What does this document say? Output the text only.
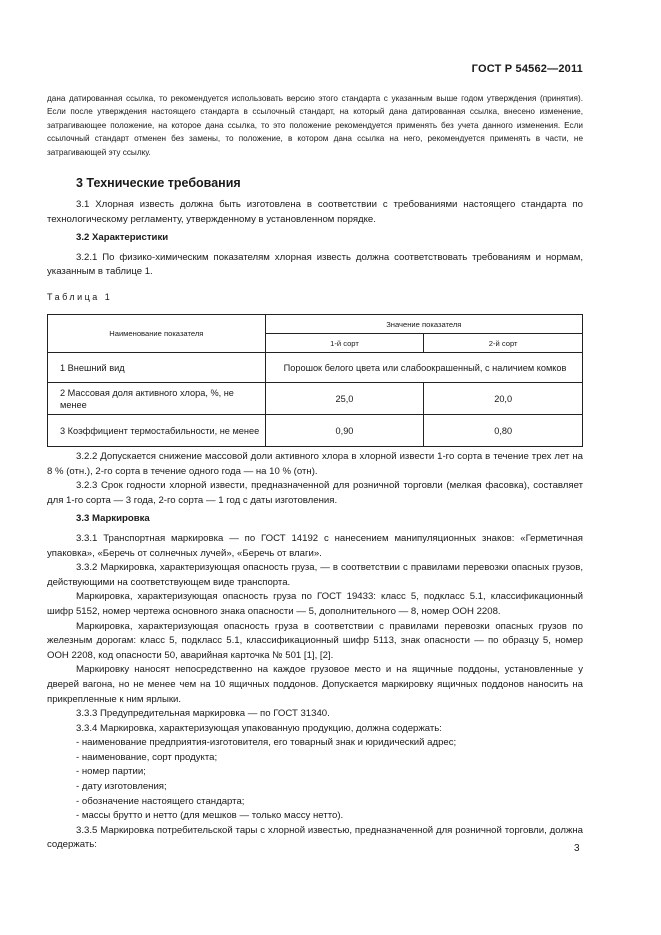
ГОСТ Р 54562—2011

дана датированная ссылка, то рекомендуется использовать версию этого стандарта с указанным выше годом утверждения (принятия). Если после утверждения настоящего стандарта в ссылочный стандарт, на который дана датированная ссылка, внесено изменение, затрагивающее положение, на которое дана ссылка, то это положение рекомендуется применять без учета данного изменения. Если ссылочный стандарт отменен без замены, то положение, в котором дана ссылка на него, рекомендуется применять в части, не затрагивающей эту ссылку.

3 Технические требования

3.1 Хлорная известь должна быть изготовлена в соответствии с требованиями настоящего стандарта по технологическому регламенту, утвержденному в установленном порядке.

3.2 Характеристики

3.2.1 По физико-химическим показателям хлорная известь должна соответствовать требованиям и нормам, указанным в таблице 1.

Таблица 1
Наименование показателя	Значение показателя	
	1-й сорт	2-й сорт
1 Внешний вид	Порошок белого цвета или слабоокрашенный, с наличием комков	
2 Массовая доля активного хлора, %, не менее	25,0	20,0
3 Коэффициент термостабильности, не менее	0,90	0,80

3.2.2 Допускается снижение массовой доли активного хлора в хлорной извести 1-го сорта в течение трех лет на 8 % (отн.), 2-го сорта в течение одного года — на 10 % (отн).

3.2.3 Срок годности хлорной извести, предназначенной для розничной торговли (мелкая фасовка), составляет для 1-го сорта — 3 года, 2-го сорта — 1 год с даты изготовления.

3.3 Маркировка

3.3.1 Транспортная маркировка — по ГОСТ 14192 с нанесением манипуляционных знаков: «Герметичная упаковка», «Беречь от солнечных лучей», «Беречь от влаги».

3.3.2 Маркировка, характеризующая опасность груза, — в соответствии с правилами перевозки опасных грузов, действующими на соответствующем виде транспорта.

Маркировка, характеризующая опасность груза по ГОСТ 19433: класс 5, подкласс 5.1, классификационный шифр 5152, номер чертежа основного знака опасности — 5, дополнительного — 8, номер ООН 2208.

Маркировка, характеризующая опасность груза в соответствии с правилами перевозки опасных грузов по железным дорогам: класс 5, подкласс 5.1, классификационный шифр 5113, знак опасности — по образцу 5, номер ООН 2208, код опасности 50, аварийная карточка № 501 [1], [2].

Маркировку наносят непосредственно на каждое грузовое место и на ящичные поддоны, установленные у дверей вагона, но не менее чем на 10 ящичных поддонов. Допускается маркировку ящичных поддонов наносить на прикрепленные к ним ярлыки.

3.3.3 Предупредительная маркировка — по ГОСТ 31340.

3.3.4 Маркировка, характеризующая упакованную продукцию, должна содержать:

- наименование предприятия-изготовителя, его товарный знак и юридический адрес;

- наименование, сорт продукта;

- номер партии;

- дату изготовления;

- обозначение настоящего стандарта;

- массы брутто и нетто (для мешков — только массу нетто).

3.3.5 Маркировка потребительской тары с хлорной известью, предназначенной для розничной торговли, должна содержать:	3
